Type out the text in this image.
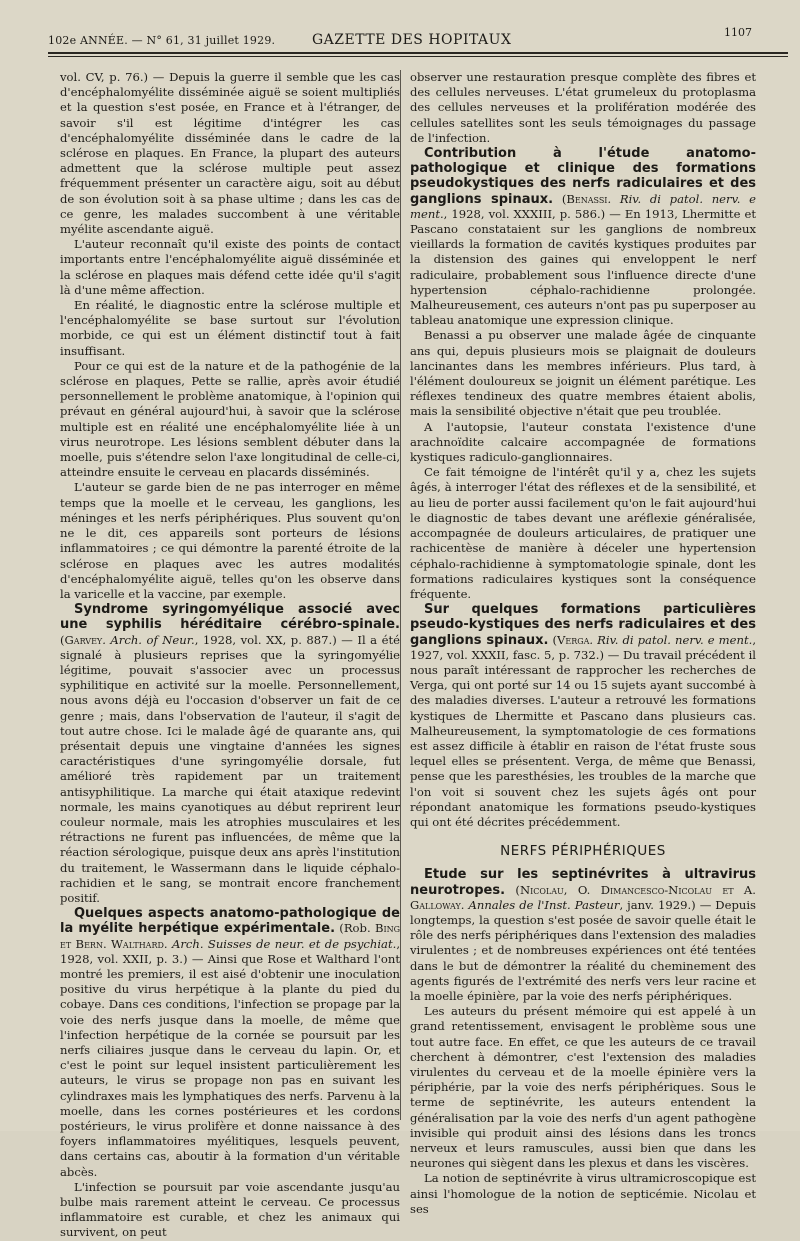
102e ANNÉE. — N° 61, 31 juillet 1929.	GAZETTE DES HOPITAUX	1107

vol. CV, p. 76.) — Depuis la guerre il semble que les cas d'encéphalomyélite disséminée aiguë se soient multipliés et la question s'est posée, en France et à l'étranger, de savoir s'il est légitime d'intégrer les cas d'encéphalomyélite disséminée dans le cadre de la sclérose en plaques. En France, la plupart des auteurs admettent que la sclérose multiple peut assez fréquemment présenter un caractère aigu, soit au début de son évolution soit à sa phase ultime ; dans les cas de ce genre, les malades succombent à une véritable myélite ascendante aiguë.

L'auteur reconnaît qu'il existe des points de contact importants entre l'encéphalomyélite aiguë disséminée et la sclérose en plaques mais défend cette idée qu'il s'agit là d'une même affection.

En réalité, le diagnostic entre la sclérose multiple et l'encéphalomyélite se base surtout sur l'évolution morbide, ce qui est un élément distinctif tout à fait insuffisant.

Pour ce qui est de la nature et de la pathogénie de la sclérose en plaques, Pette se rallie, après avoir étudié personnellement le problème anatomique, à l'opinion qui prévaut en général aujourd'hui, à savoir que la sclérose multiple est en réalité une encéphalomyélite liée à un virus neurotrope. Les lésions semblent débuter dans la moelle, puis s'étendre selon l'axe longitudinal de celle-ci, atteindre ensuite le cerveau en placards disséminés.

L'auteur se garde bien de ne pas interroger en même temps que la moelle et le cerveau, les ganglions, les méninges et les nerfs périphériques. Plus souvent qu'on ne le dit, ces appareils sont porteurs de lésions inflammatoires ; ce qui démontre la parenté étroite de la sclérose en plaques avec les autres modalités d'encéphalomyélite aiguë, telles qu'on les observe dans la varicelle et la vaccine, par exemple.

Syndrome syringomyélique associé avec une syphilis héréditaire cérébro-spinale. (Garvey. Arch. of Neur., 1928, vol. XX, p. 887.) — Il a été signalé à plusieurs reprises que la syringomyélie légitime, pouvait s'associer avec un processus syphilitique en activité sur la moelle. Personnellement, nous avons déjà eu l'occasion d'observer un fait de ce genre ; mais, dans l'observation de l'auteur, il s'agit de tout autre chose. Ici le malade âgé de quarante ans, qui présentait depuis une vingtaine d'années les signes caractéristiques d'une syringomyélie dorsale, fut amélioré très rapidement par un traitement antisyphilitique. La marche qui était ataxique redevint normale, les mains cyanotiques au début reprirent leur couleur normale, mais les atrophies musculaires et les rétractions ne furent pas influencées, de même que la réaction sérologique, puisque deux ans après l'institution du traitement, le Wassermann dans le liquide céphalo-rachidien et le sang, se montrait encore franchement positif.

Quelques aspects anatomo-pathologique de la myélite herpétique expérimentale. (Rob. Bing et Bern. Walthard. Arch. Suisses de neur. et de psychiat., 1928, vol. XXII, p. 3.) — Ainsi que Rose et Walthard l'ont montré les premiers, il est aisé d'obtenir une inoculation positive du virus herpétique à la plante du pied du cobaye. Dans ces conditions, l'infection se propage par la voie des nerfs jusque dans la moelle, de même que l'infection herpétique de la cornée se poursuit par les nerfs ciliaires jusque dans le cerveau du lapin. Or, et c'est le point sur lequel insistent particulièrement les auteurs, le virus se propage non pas en suivant les cylindraxes mais les lymphatiques des nerfs. Parvenu à la moelle, dans les cornes postérieures et les cordons postérieurs, le virus prolifère et donne naissance à des foyers inflammatoires myélitiques, lesquels peuvent, dans certains cas, aboutir à la formation d'un véritable abcès.

L'infection se poursuit par voie ascendante jusqu'au bulbe mais rarement atteint le cerveau. Ce processus inflammatoire est curable, et chez les animaux qui survivent, on peut

observer une restauration presque complète des fibres et des cellules nerveuses. L'état grumeleux du protoplasma des cellules nerveuses et la prolifération modérée des cellules satellites sont les seuls témoignages du passage de l'infection.

Contribution à l'étude anatomo-pathologique et clinique des formations pseudokystiques des nerfs radiculaires et des ganglions spinaux. (Benassi. Riv. di patol. nerv. e ment., 1928, vol. XXXIII, p. 586.) — En 1913, Lhermitte et Pascano constataient sur les ganglions de nombreux vieillards la formation de cavités kystiques produites par la distension des gaines qui enveloppent le nerf radiculaire, probablement sous l'influence directe d'une hypertension céphalo-rachidienne prolongée. Malheureusement, ces auteurs n'ont pas pu superposer au tableau anatomique une expression clinique.

Benassi a pu observer une malade âgée de cinquante ans qui, depuis plusieurs mois se plaignait de douleurs lancinantes dans les membres inférieurs. Plus tard, à l'élément douloureux se joignit un élément parétique. Les réflexes tendineux des quatre membres étaient abolis, mais la sensibilité objective n'était que peu troublée.

A l'autopsie, l'auteur constata l'existence d'une arachnoïdite calcaire accompagnée de formations kystiques radiculo-ganglionnaires.

Ce fait témoigne de l'intérêt qu'il y a, chez les sujets âgés, à interroger l'état des réflexes et de la sensibilité, et au lieu de porter aussi facilement qu'on le fait aujourd'hui le diagnostic de tabes devant une aréflexie généralisée, accompagnée de douleurs articulaires, de pratiquer une rachicentèse de manière à déceler une hypertension céphalo-rachidienne à symptomatologie spinale, dont les formations radiculaires kystiques sont la conséquence fréquente.

Sur quelques formations particulières pseudo-kystiques des nerfs radiculaires et des ganglions spinaux. (Verga. Riv. di patol. nerv. e ment., 1927, vol. XXXII, fasc. 5, p. 732.) — Du travail précédent il nous paraît intéressant de rapprocher les recherches de Verga, qui ont porté sur 14 ou 15 sujets ayant succombé à des maladies diverses. L'auteur a retrouvé les formations kystiques de Lhermitte et Pascano dans plusieurs cas. Malheureusement, la symptomatologie de ces formations est assez difficile à établir en raison de l'état fruste sous lequel elles se présentent. Verga, de même que Benassi, pense que les paresthésies, les troubles de la marche que l'on voit si souvent chez les sujets âgés ont pour répondant anatomique les formations pseudo-kystiques qui ont été décrites précédemment.

NERFS PÉRIPHÉRIQUES

Etude sur les septinévrites à ultravirus neurotropes. (Nicolau, O. Dimancesco-Nicolau et A. Galloway. Annales de l'Inst. Pasteur, janv. 1929.) — Depuis longtemps, la question s'est posée de savoir quelle était le rôle des nerfs périphériques dans l'extension des maladies virulentes ; et de nombreuses expériences ont été tentées dans le but de démontrer la réalité du cheminement des agents figurés de l'extrémité des nerfs vers leur racine et la moelle épinière, par la voie des nerfs périphériques.

Les auteurs du présent mémoire qui est appelé à un grand retentissement, envisagent le problème sous une tout autre face. En effet, ce que les auteurs de ce travail cherchent à démontrer, c'est l'extension des maladies virulentes du cerveau et de la moelle épinière vers la périphérie, par la voie des nerfs périphériques. Sous le terme de septinévrite, les auteurs entendent la généralisation par la voie des nerfs d'un agent pathogène invisible qui produit ainsi des lésions dans les troncs nerveux et leurs ramuscules, aussi bien que dans les neurones qui siègent dans les plexus et dans les viscères.

La notion de septinévrite à virus ultramicroscopique est ainsi l'homologue de la notion de septicémie. Nicolau et ses
